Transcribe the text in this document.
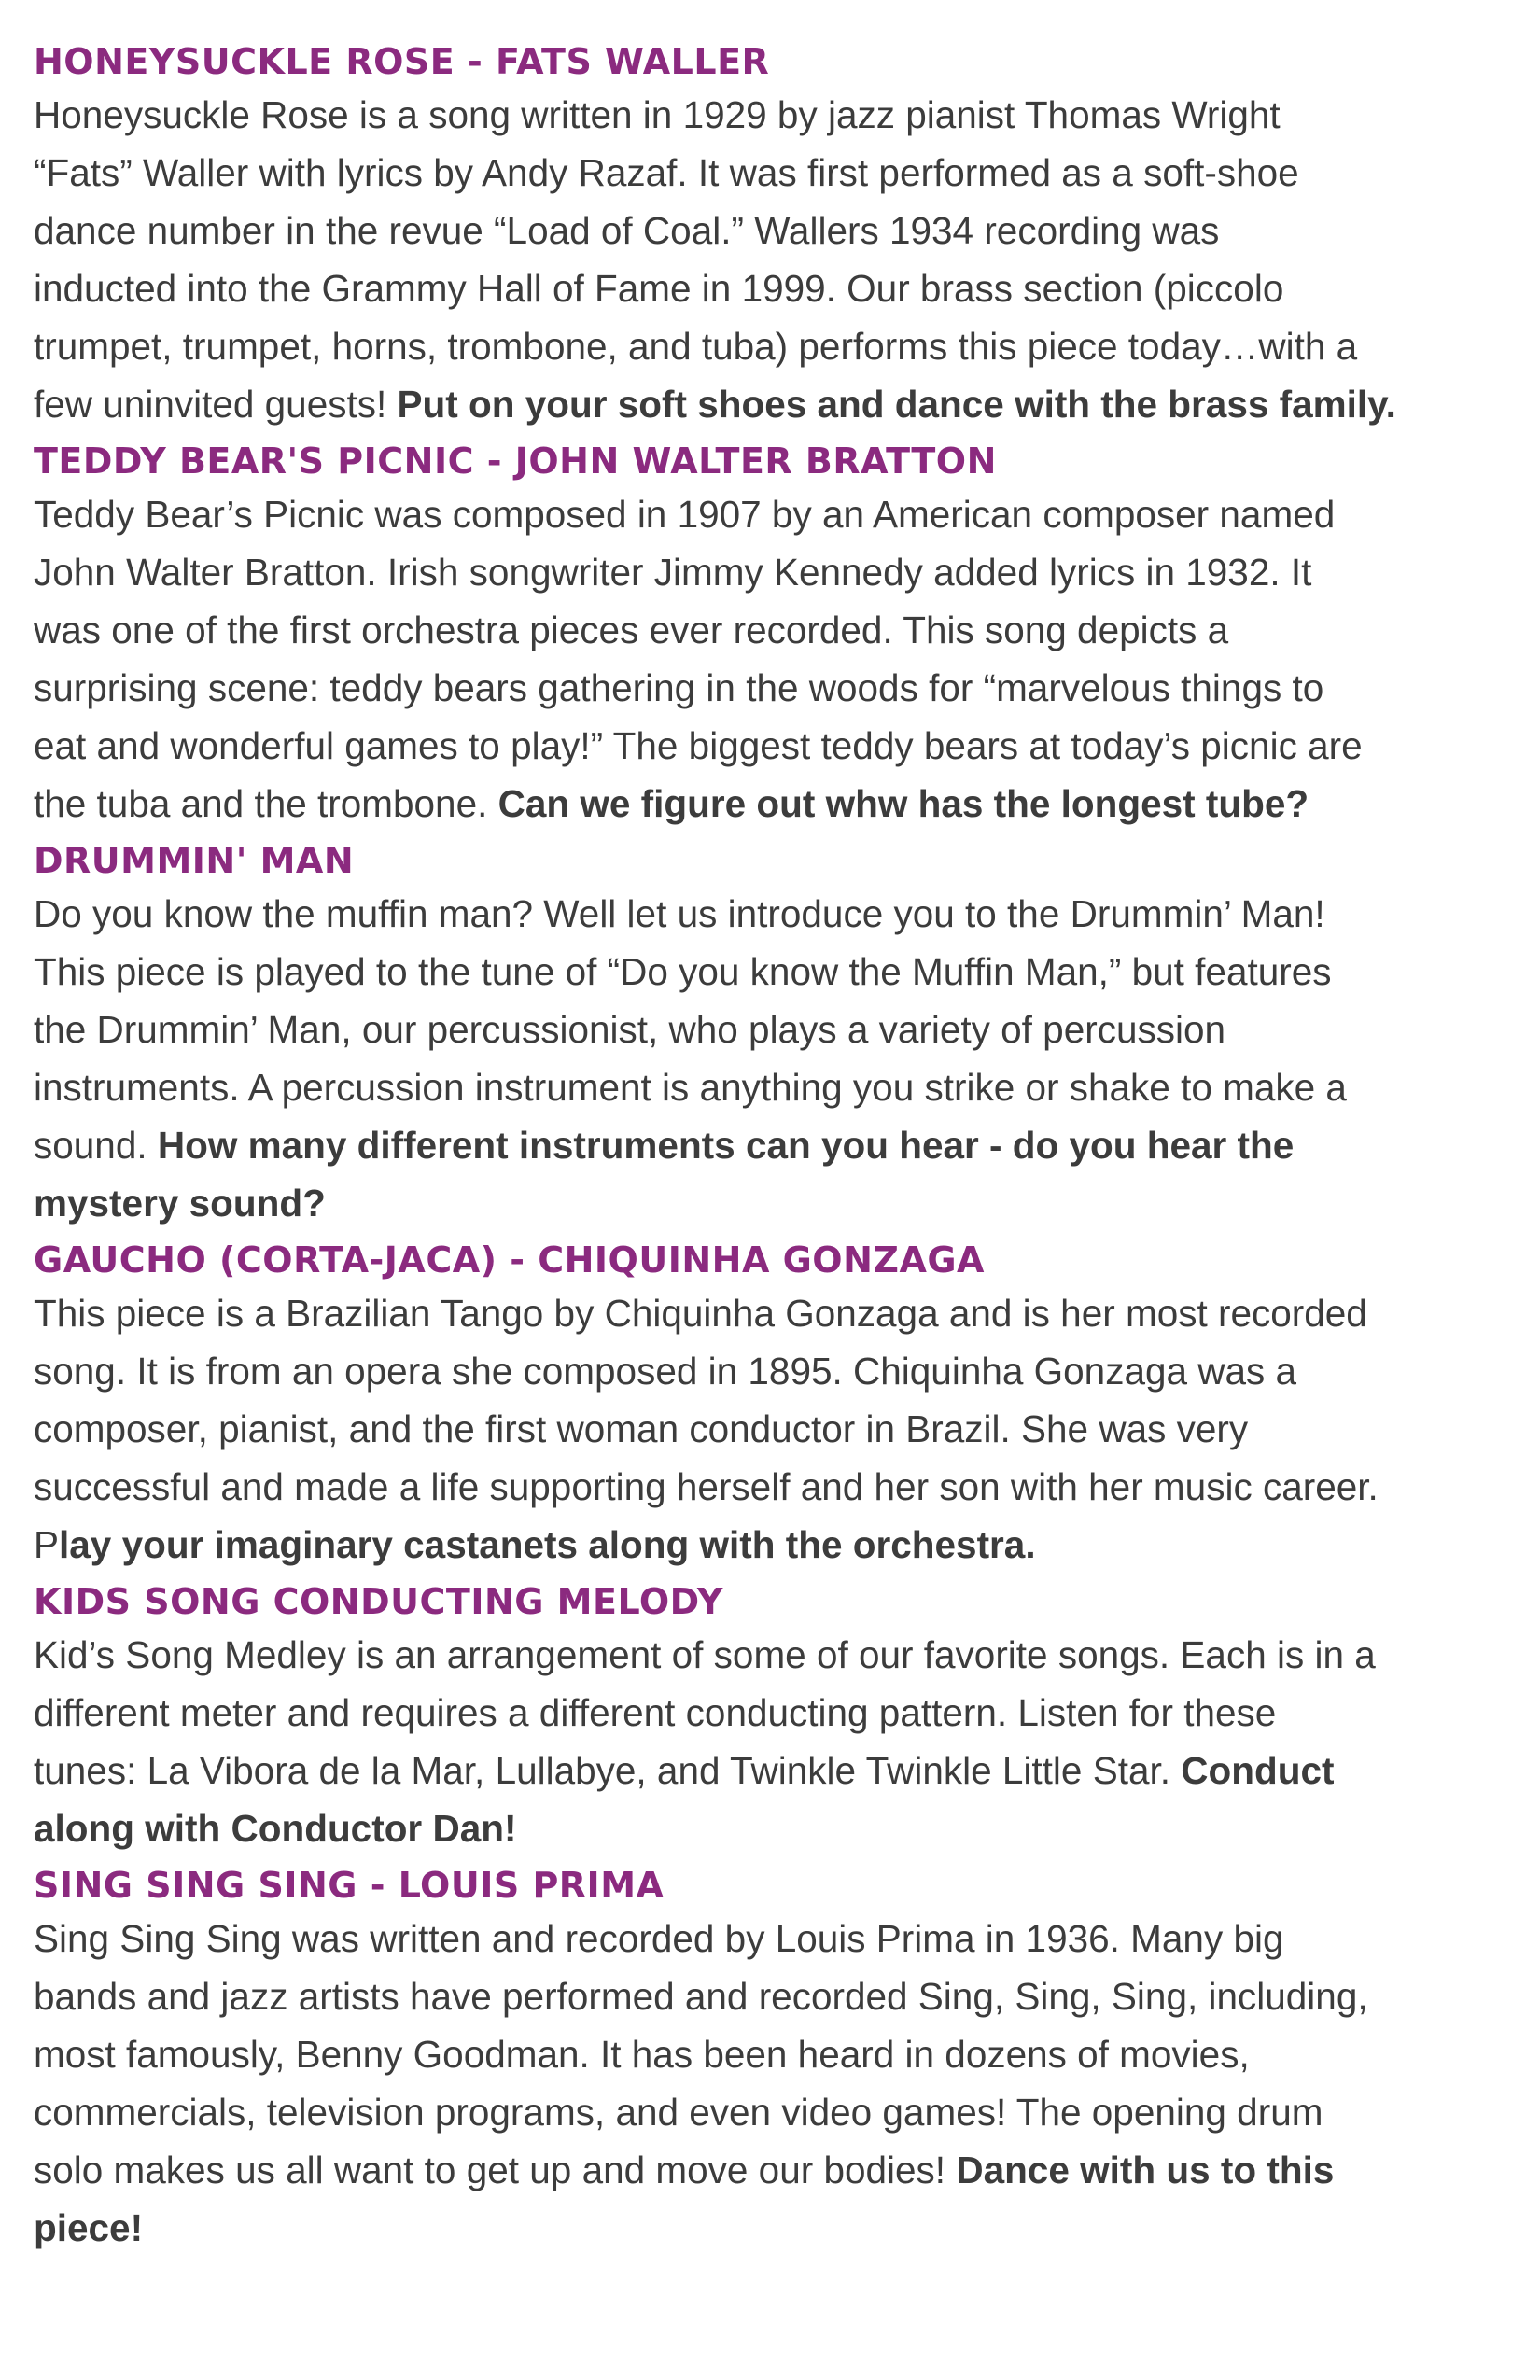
HONEYSUCKLE ROSE - FATS WALLER

Honeysuckle Rose is a song written in 1929 by jazz pianist Thomas Wright
“Fats” Waller with lyrics by Andy Razaf. It was first performed as a soft-shoe
dance number in the revue “Load of Coal.” Wallers 1934 recording was
inducted into the Grammy Hall of Fame in 1999. Our brass section (piccolo
trumpet, trumpet, horns, trombone, and tuba) performs this piece today…with a
few uninvited guests! Put on your soft shoes and dance with the brass family.

TEDDY BEAR'S PICNIC - JOHN WALTER BRATTON

Teddy Bear’s Picnic was composed in 1907 by an American composer named
John Walter Bratton. Irish songwriter Jimmy Kennedy added lyrics in 1932. It
was one of the first orchestra pieces ever recorded. This song depicts a
surprising scene: teddy bears gathering in the woods for “marvelous things to
eat and wonderful games to play!” The biggest teddy bears at today’s picnic are
the tuba and the trombone. Can we figure out whw has the longest tube?

DRUMMIN' MAN

Do you know the muffin man? Well let us introduce you to the Drummin’ Man!
This piece is played to the tune of “Do you know the Muffin Man,” but features
the Drummin’ Man, our percussionist, who plays a variety of percussion
instruments. A percussion instrument is anything you strike or shake to make a
sound. How many different instruments can you hear - do you hear the
mystery sound?

GAUCHO (CORTA-JACA) - CHIQUINHA GONZAGA

This piece is a Brazilian Tango by Chiquinha Gonzaga and is her most recorded
song. It is from an opera she composed in 1895. Chiquinha Gonzaga was a
composer, pianist, and the first woman conductor in Brazil. She was very
successful and made a life supporting herself and her son with her music career.
Play your imaginary castanets along with the orchestra.

KIDS SONG CONDUCTING MELODY

Kid’s Song Medley is an arrangement of some of our favorite songs. Each is in a
different meter and requires a different conducting pattern. Listen for these
tunes: La Vibora de la Mar, Lullabye, and Twinkle Twinkle Little Star. Conduct
along with Conductor Dan!

SING SING SING - LOUIS PRIMA

Sing Sing Sing was written and recorded by Louis Prima in 1936. Many big
bands and jazz artists have performed and recorded Sing, Sing, Sing, including,
most famously, Benny Goodman. It has been heard in dozens of movies,
commercials, television programs, and even video games! The opening drum
solo makes us all want to get up and move our bodies! Dance with us to this
piece!
